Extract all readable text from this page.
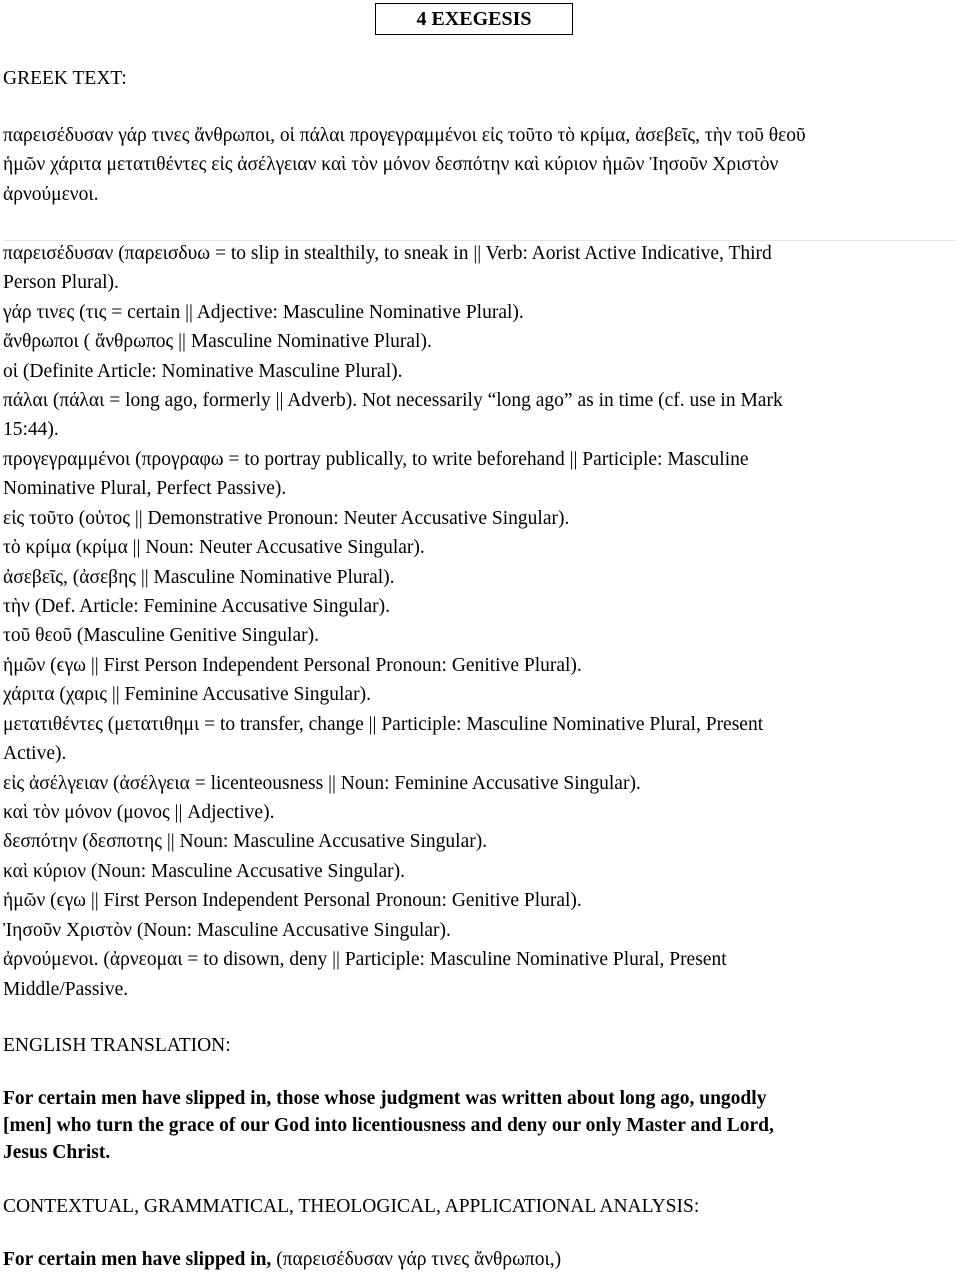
4 EXEGESIS
GREEK TEXT:
παρεισέδυσαν γάρ τινες ἄνθρωποι, οἱ πάλαι προγεγραμμένοι εἰς τοῦτο τὸ κρίμα, ἀσεβεῖς, τὴν τοῦ θεοῦ
ἡμῶν χάριτα μετατιθέντες εἰς ἀσέλγειαν καὶ τὸν μόνον δεσπότην καὶ κύριον ἡμῶν Ἰησοῦν Χριστὸν
ἀρνούμενοι.
παρεισέδυσαν (παρεισδυω = to slip in stealthily, to sneak in || Verb: Aorist Active Indicative, Third
Person Plural).
γάρ τινες (τις = certain || Adjective: Masculine Nominative Plural).
ἄνθρωποι ( ἄνθρωπος || Masculine Nominative Plural).
οἱ (Definite Article: Nominative Masculine Plural).
πάλαι (πάλαι = long ago, formerly || Adverb). Not necessarily “long ago” as in time (cf. use in Mark
15:44).
προγεγραμμένοι (προγραφω = to portray publically, to write beforehand || Participle: Masculine
Nominative Plural, Perfect Passive).
εἰς τοῦτο (οὑτος || Demonstrative Pronoun: Neuter Accusative Singular).
τὸ κρίμα (κρίμα || Noun: Neuter Accusative Singular).
ἀσεβεῖς, (ἀσεβης || Masculine Nominative Plural).
τὴν (Def. Article: Feminine Accusative Singular).
τοῦ θεοῦ (Masculine Genitive Singular).
ἡμῶν (ϵγω || First Person Independent Personal Pronoun: Genitive Plural).
χάριτα (χαρις || Feminine Accusative Singular).
μετατιθέντες (μετατιθημι = to transfer, change || Participle: Masculine Nominative Plural, Present
Active).
εἰς ἀσέλγειαν (ἀσέλγεια = licenteousness || Noun: Feminine Accusative Singular).
καὶ τὸν μόνον (μονος || Adjective).
δεσπότην (δεσποτης || Noun: Masculine Accusative Singular).
καὶ κύριον (Noun: Masculine Accusative Singular).
ἡμῶν (ϵγω || First Person Independent Personal Pronoun: Genitive Plural).
Ἰησοῦν Χριστὸν (Noun: Masculine Accusative Singular).
ἀρνούμενοι. (ἀρνεομαι = to disown, deny || Participle: Masculine Nominative Plural, Present
Middle/Passive.
ENGLISH TRANSLATION:
For certain men have slipped in, those whose judgment was written about long ago, ungodly
[men] who turn the grace of our God into licentiousness and deny our only Master and Lord,
Jesus Christ.
CONTEXTUAL, GRAMMATICAL, THEOLOGICAL, APPLICATIONAL ANALYSIS:
For certain men have slipped in, (παρεισέδυσαν γάρ τινες ἄνθρωποι,)
